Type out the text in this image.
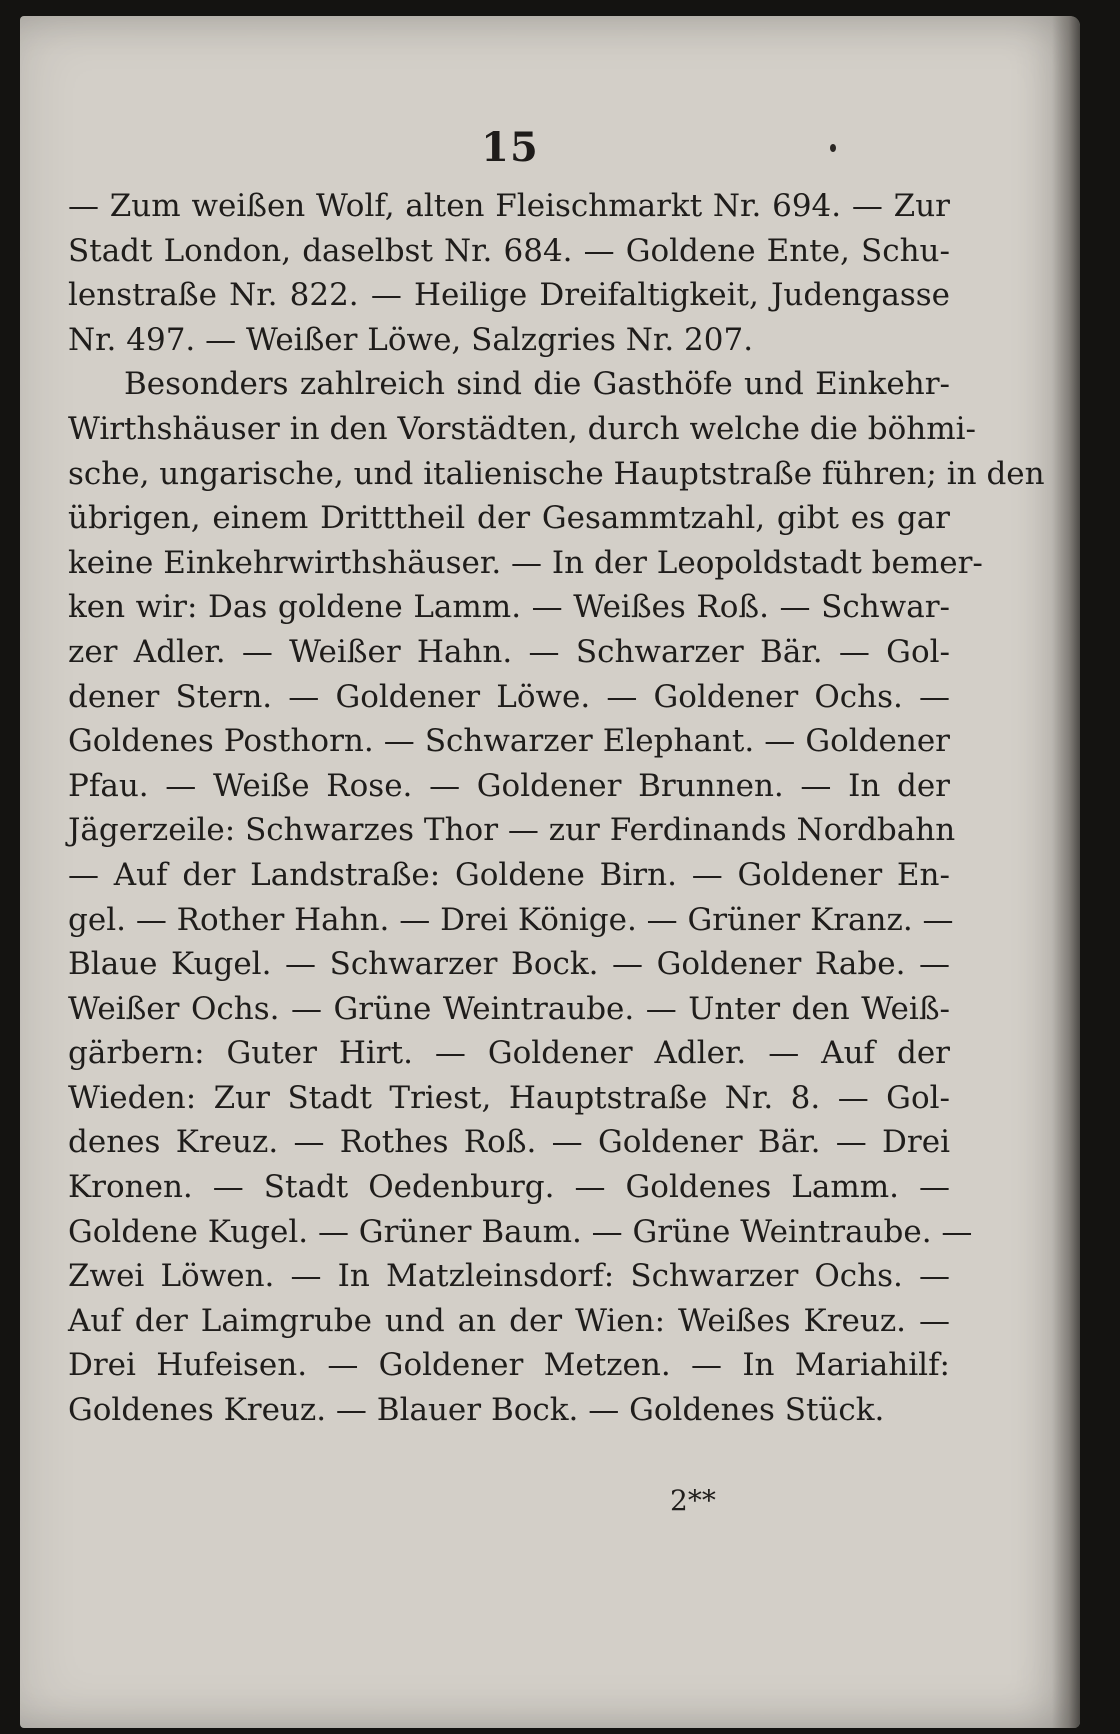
15
— Zum weißen Wolf, alten Fleischmarkt Nr. 694. — Zur
Stadt London, daselbst Nr. 684. — Goldene Ente, Schu-
lenstraße Nr. 822. — Heilige Dreifaltigkeit, Judengasse
Nr. 497. — Weißer Löwe, Salzgries Nr. 207.
Besonders zahlreich sind die Gasthöfe und Einkehr-
Wirthshäuser in den Vorstädten, durch welche die böhmi-
sche, ungarische, und italienische Hauptstraße führen; in den
übrigen, einem Dritttheil der Gesammtzahl, gibt es gar
keine Einkehrwirthshäuser. — In der Leopoldstadt bemer-
ken wir: Das goldene Lamm. — Weißes Roß. — Schwar-
zer Adler. — Weißer Hahn. — Schwarzer Bär. — Gol-
dener Stern. — Goldener Löwe. — Goldener Ochs. —
Goldenes Posthorn. — Schwarzer Elephant. — Goldener
Pfau. — Weiße Rose. — Goldener Brunnen. — In der
Jägerzeile: Schwarzes Thor — zur Ferdinands Nordbahn
— Auf der Landstraße: Goldene Birn. — Goldener En-
gel. — Rother Hahn. — Drei Könige. — Grüner Kranz. —
Blaue Kugel. — Schwarzer Bock. — Goldener Rabe. —
Weißer Ochs. — Grüne Weintraube. — Unter den Weiß-
gärbern: Guter Hirt. — Goldener Adler. — Auf der
Wieden: Zur Stadt Triest, Hauptstraße Nr. 8. — Gol-
denes Kreuz. — Rothes Roß. — Goldener Bär. — Drei
Kronen. — Stadt Oedenburg. — Goldenes Lamm. —
Goldene Kugel. — Grüner Baum. — Grüne Weintraube. —
Zwei Löwen. — In Matzleinsdorf: Schwarzer Ochs. —
Auf der Laimgrube und an der Wien: Weißes Kreuz. —
Drei Hufeisen. — Goldener Metzen. — In Mariahilf:
Goldenes Kreuz. — Blauer Bock. — Goldenes Stück.
2**
